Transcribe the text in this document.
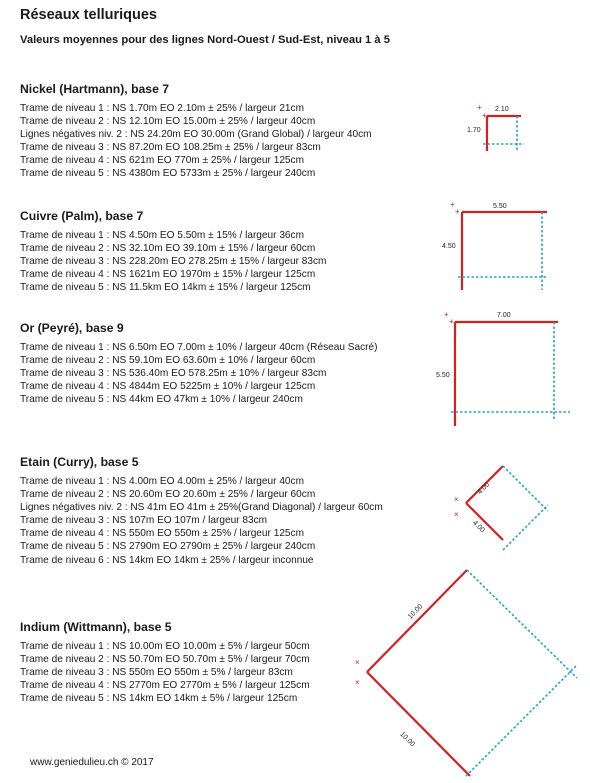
Réseaux telluriques
Valeurs moyennes pour des lignes Nord-Ouest / Sud-Est, niveau 1 à 5
Nickel (Hartmann), base 7
Trame de niveau 1 : NS 1.70m EO 2.10m ± 25% / largeur 21cm
Trame de niveau 2 : NS 12.10m EO 15.00m ± 25% / largeur 40cm
Lignes négatives niv. 2 : NS 24.20m EO 30.00m (Grand Global) / largeur 40cm
Trame de niveau 3 : NS 87.20m EO 108.25m ± 25% / largeur 83cm
Trame de niveau 4 : NS 621m EO 770m ± 25% / largeur 125cm
Trame de niveau 5 : NS 4380m EO 5733m ± 25% / largeur 240cm
Cuivre (Palm), base 7
Trame de niveau 1 : NS 4.50m EO 5.50m ± 15% / largeur 36cm
Trame de niveau 2 : NS 32.10m EO 39.10m ± 15% / largeur 60cm
Trame de niveau 3 : NS 228.20m EO 278.25m ± 15% / largeur 83cm
Trame de niveau 4 : NS 1621m EO 1970m ± 15% / largeur 125cm
Trame de niveau 5 : NS 11.5km EO 14km ± 15% / largeur 125cm
Or (Peyré), base 9
Trame de niveau 1 : NS 6.50m EO 7.00m ± 10% / largeur 40cm (Réseau Sacré)
Trame de niveau 2 : NS 59.10m EO 63.60m ± 10% / largeur 60cm
Trame de niveau 3 : NS 536.40m EO 578.25m ± 10% / largeur 83cm
Trame de niveau 4 : NS 4844m EO 5225m ± 10% / largeur 125cm
Trame de niveau 5 : NS 44km EO 47km ± 10% / largeur 240cm
Etain (Curry), base 5
Trame de niveau 1 : NS 4.00m EO 4.00m ± 25% / largeur 40cm
Trame de niveau 2 : NS 20.60m EO 20.60m ± 25% / largeur 60cm
Lignes négatives niv. 2 : NS 41m EO 41m ± 25%(Grand Diagonal) / largeur 60cm
Trame de niveau 3 : NS 107m EO 107m / largeur 83cm
Trame de niveau 4 : NS 550m EO 550m ± 25% / largeur 125cm
Trame de niveau 5 : NS 2790m EO 2790m ± 25% / largeur 240cm
Trame de niveau 6 : NS 14km EO 14km ± 25% / largeur inconnue
Indium (Wittmann), base 5
Trame de niveau 1 : NS 10.00m EO 10.00m ± 5% / largeur 50cm
Trame de niveau 2 : NS 50.70m EO 50.70m ± 5% / largeur 70cm
Trame de niveau 3 : NS 550m EO 550m ± 5% / largeur 83cm
Trame de niveau 4 : NS 2770m EO 2770m ± 5% / largeur 125cm
Trame de niveau 5 : NS 14km EO 14km ± 5% / largeur 125cm
www.geniedulieu.ch © 2017
2.10
1.70
+
+
5.50
4.50
+
+
7.00
5.50
+
+
4.00
4.00
×
×
10.00
10.00
×
×
